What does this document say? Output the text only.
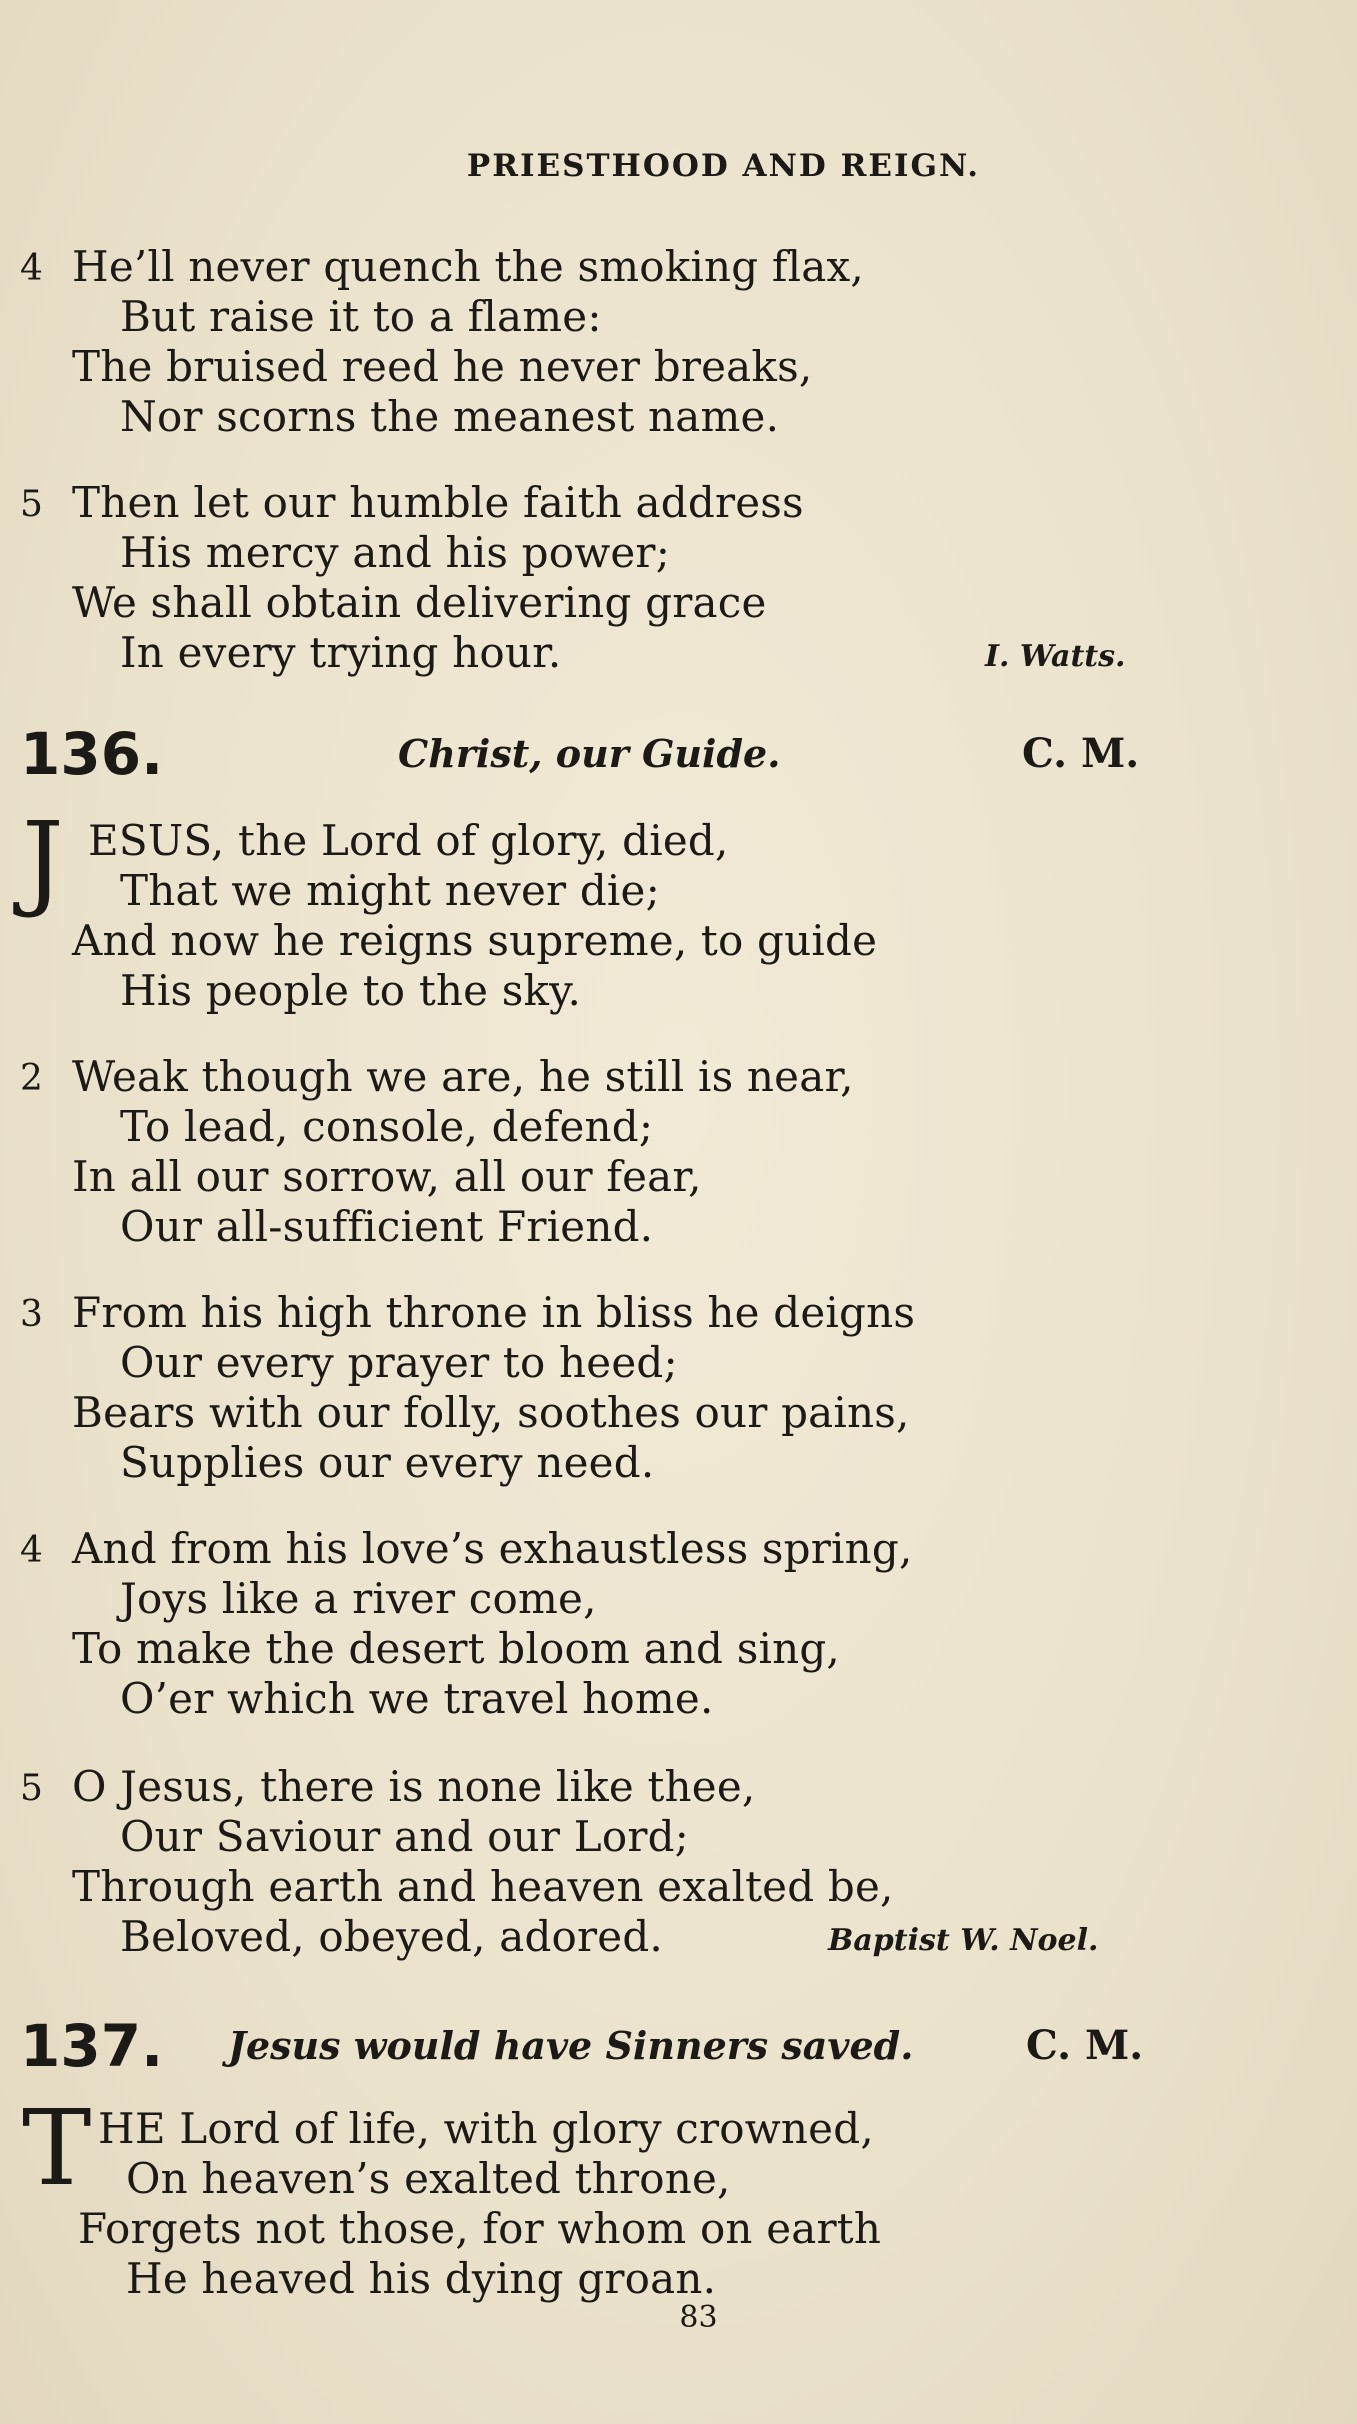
PRIESTHOOD AND REIGN.
4 He’ll never quench the smoking flax,
But raise it to a flame:
The bruised reed he never breaks,
Nor scorns the meanest name.
5 Then let our humble faith address
His mercy and his power;
We shall obtain delivering grace
In every trying hour.	I. Watts.
136.	Christ, our Guide.	C. M.
J ESUS, the Lord of glory, died,
That we might never die;
And now he reigns supreme, to guide
His people to the sky.
2 Weak though we are, he still is near,
To lead, console, defend;
In all our sorrow, all our fear,
Our all-sufficient Friend.
3 From his high throne in bliss he deigns
Our every prayer to heed;
Bears with our folly, soothes our pains,
Supplies our every need.
4 And from his love’s exhaustless spring,
Joys like a river come,
To make the desert bloom and sing,
O’er which we travel home.
5 O Jesus, there is none like thee,
Our Saviour and our Lord;
Through earth and heaven exalted be,
Beloved, obeyed, adored.	Baptist W. Noel.
137. Jesus would have Sinners saved.	C. M.
T HE Lord of life, with glory crowned,
On heaven’s exalted throne,
Forgets not those, for whom on earth
He heaved his dying groan.
83
